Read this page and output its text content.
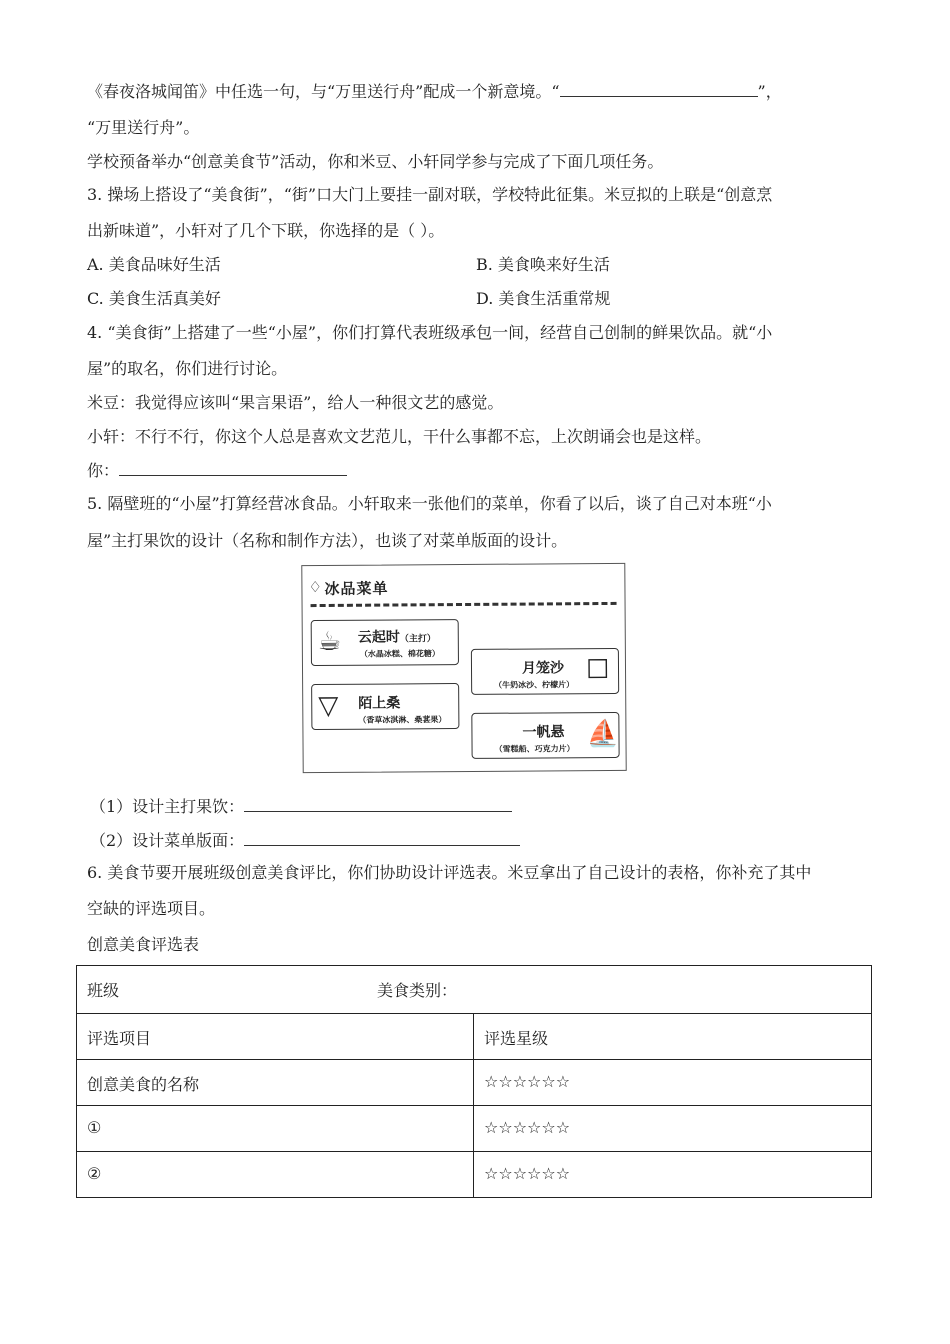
《春夜洛城闻笛》中任选一句，与“万里送行舟”配成一个新意境。“	”，
“万里送行舟”。
学校预备举办“创意美食节”活动，你和米豆、小轩同学参与完成了下面几项任务。
3. 操场上搭设了“美食街”，“街”口大门上要挂一副对联，学校特此征集。米豆拟的上联是“创意烹
出新味道”，小轩对了几个下联，你选择的是（ ）。
A. 美食品味好生活	B. 美食唤来好生活
C. 美食生活真美好	D. 美食生活重常规
4. “美食街”上搭建了一些“小屋”，你们打算代表班级承包一间，经营自己创制的鲜果饮品。就“小
屋”的取名，你们进行讨论。
米豆：我觉得应该叫“果言果语”，给人一种很文艺的感觉。
小轩：不行不行，你这个人总是喜欢文艺范儿，干什么事都不忘，上次朗诵会也是这样。
你：
5. 隔壁班的“小屋”打算经营冰食品。小轩取来一张他们的菜单，你看了以后，谈了自己对本班“小
屋”主打果饮的设计（名称和制作方法），也谈了对菜单版面的设计。
♢ 冰品菜单
☕ 云起时（主打）
（水晶冰糕、棉花糖）
月笼沙
（牛奶冰沙、柠檬片） ☐
▽ 陌上桑
（香草冰淇淋、桑葚果）
一帆悬
（雪糕船、巧克力片） ⛵
（1）设计主打果饮：
（2）设计菜单版面：
6. 美食节要开展班级创意美食评比，你们协助设计评选表。米豆拿出了自己设计的表格，你补充了其中
空缺的评选项目。
创意美食评选表
班级 美食类别：	
评选项目	评选星级
创意美食的名称	☆☆☆☆☆☆
①	☆☆☆☆☆☆
②	☆☆☆☆☆☆
